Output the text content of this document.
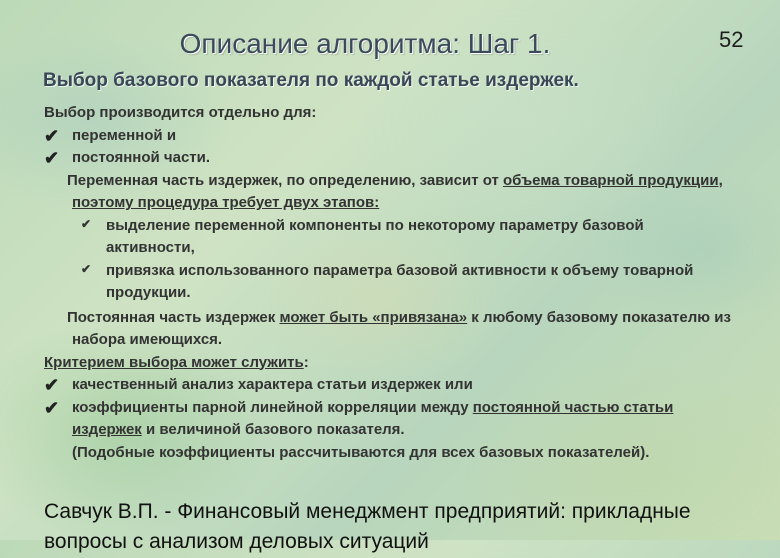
Описание алгоритма: Шаг 1.	52
Выбор базового показателя по каждой статье издержек.

Выбор производится отдельно для:

✔ переменной и
✔ постоянной части.

Переменная часть издержек, по определению, зависит от объема товарной продукции, поэтому процедура требует двух этапов:

✔ выделение переменной компоненты по некоторому параметру базовой активности,
✔ привязка использованного параметра базовой активности к объему товарной продукции.

Постоянная часть издержек может быть «привязана» к любому базовому показателю из набора имеющихся.

Критерием выбора может служить:

✔ качественный анализ характера статьи издержек или
✔ коэффициенты парной линейной корреляции между постоянной частью статьи издержек и величиной базового показателя.
(Подобные коэффициенты рассчитываются для всех базовых показателей).
Савчук В.П. - Финансовый менеджмент предприятий: прикладные вопросы с анализом деловых ситуаций
